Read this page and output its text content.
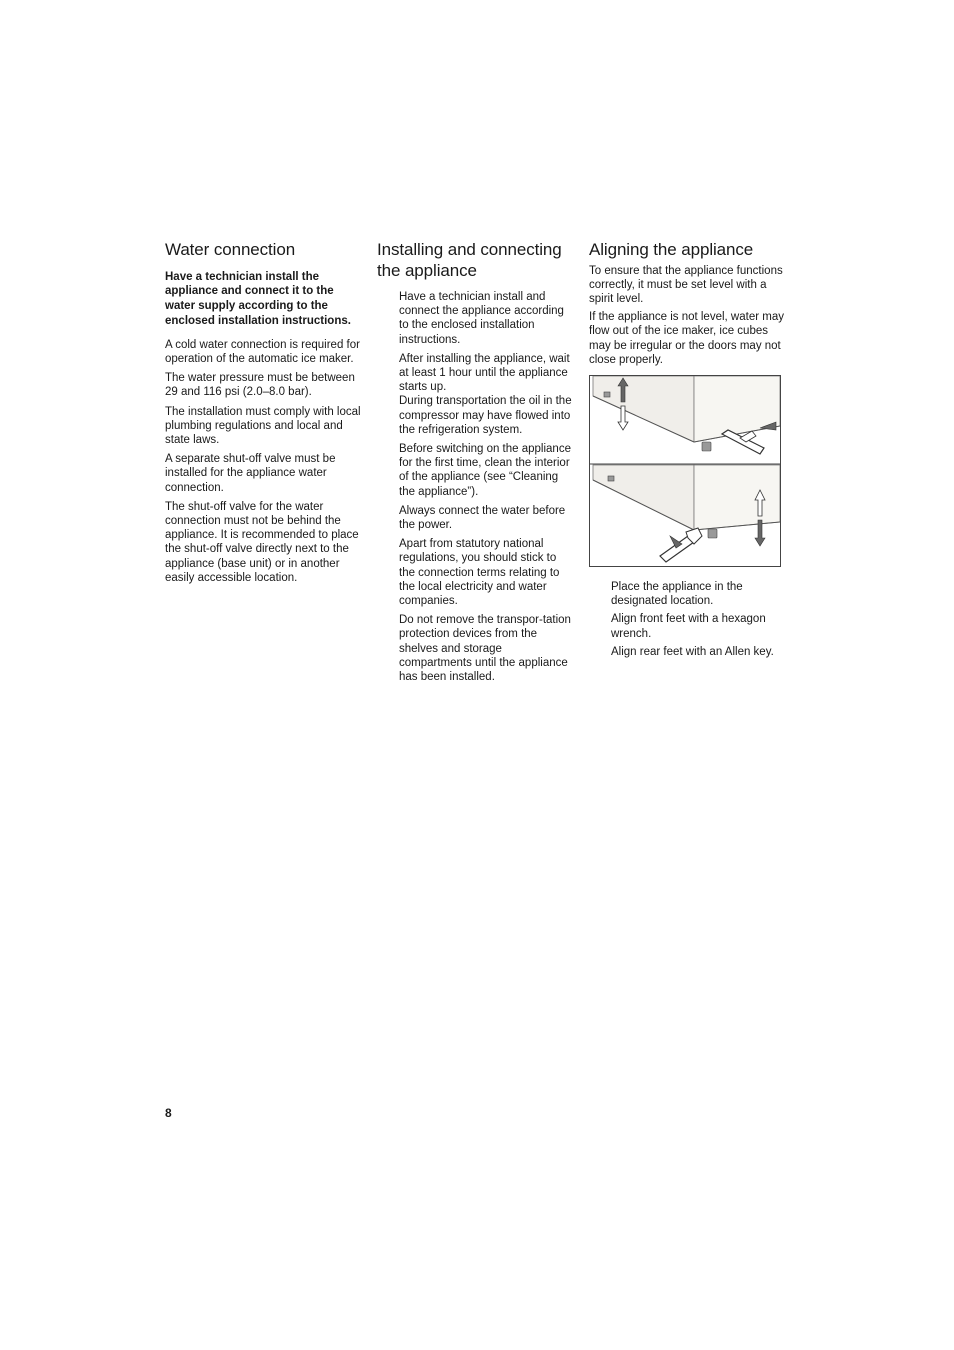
Water connection

Have a technician install the appliance and connect it to the water supply according to the enclosed installation instructions.

A cold water connection is required for operation of the automatic ice maker.

The water pressure must be between 29 and 116 psi (2.0–8.0 bar).

The installation must comply with local plumbing regulations and local and state laws.

A separate shut-off valve must be installed for the appliance water connection.

The shut-off valve for the water connection must not be behind the appliance. It is recommended to place the shut-off valve directly next to the appliance (base unit) or in another easily accessible location.

Installing and connecting the appliance

Have a technician install and connect the appliance according to the enclosed installation instructions.

After installing the appliance, wait at least 1 hour until the appliance starts up.

During transportation the oil in the compressor may have flowed into the refrigeration system.

Before switching on the appliance for the first time, clean the interior of the appliance (see “Cleaning the appliance”).

Always connect the water before the power.

Apart from statutory national regulations, you should stick to the connection terms relating to the local electricity and water companies.

Do not remove the transpor-tation protection devices from the shelves and storage compartments until the appliance has been installed.

Aligning the appliance

To ensure that the appliance functions correctly, it must be set level with a spirit level.

If the appliance is not level, water may flow out of the ice maker, ice cubes may be irregular or the doors may not close properly.

Place the appliance in the designated location.

Align front feet with a hexagon wrench.

Align rear feet with an Allen key.

8
